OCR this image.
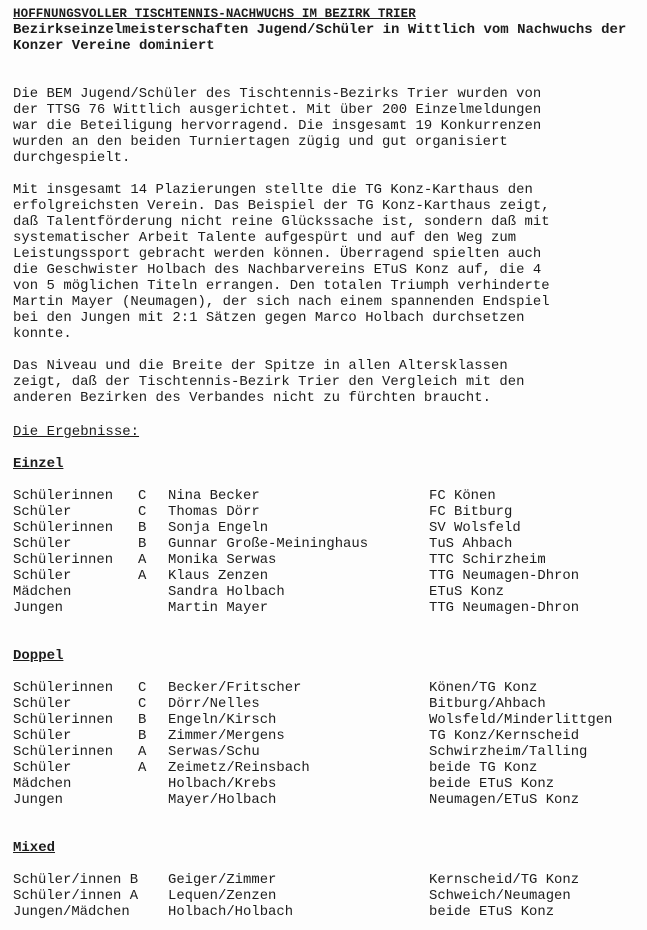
HOFFNUNGSVOLLER TISCHTENNIS-NACHWUCHS IM BEZIRK TRIER
Bezirkseinzelmeisterschaften Jugend/Schüler in Wittlich vom Nachwuchs der Konzer Vereine dominiert

Die BEM Jugend/Schüler des Tischtennis-Bezirks Trier wurden von
der TTSG 76 Wittlich ausgerichtet. Mit über 200 Einzelmeldungen
war die Beteiligung hervorragend. Die insgesamt 19 Konkurrenzen
wurden an den beiden Turniertagen zügig und gut organisiert
durchgespielt.

Mit insgesamt 14 Plazierungen stellte die TG Konz-Karthaus den
erfolgreichsten Verein. Das Beispiel der TG Konz-Karthaus zeigt,
daß Talentförderung nicht reine Glückssache ist, sondern daß mit
systematischer Arbeit Talente aufgespürt und auf den Weg zum
Leistungssport gebracht werden können. Überragend spielten auch
die Geschwister Holbach des Nachbarvereins ETuS Konz auf, die 4
von 5 möglichen Titeln errangen. Den totalen Triumph verhinderte
Martin Mayer (Neumagen), der sich nach einem spannenden Endspiel
bei den Jungen mit 2:1 Sätzen gegen Marco Holbach durchsetzen
konnte.

Das Niveau und die Breite der Spitze in allen Altersklassen
zeigt, daß der Tischtennis-Bezirk Trier den Vergleich mit den
anderen Bezirken des Verbandes nicht zu fürchten braucht.

Die Ergebnisse:
Einzel
Schülerinnen C Nina Becker	FC Könen
Schüler	C Thomas Dörr	FC Bitburg
Schülerinnen B Sonja Engeln	SV Wolsfeld
Schüler	B Gunnar Große-Meininghaus	TuS Ahbach
Schülerinnen A Monika Serwas	TTC Schirzheim
Schüler	A Klaus Zenzen	TTG Neumagen-Dhron
Mädchen	Sandra Holbach	ETuS Konz
Jungen	Martin Mayer	TTG Neumagen-Dhron
Doppel
Schülerinnen C Becker/Fritscher	Könen/TG Konz
Schüler	C Dörr/Nelles	Bitburg/Ahbach
Schülerinnen B Engeln/Kirsch	Wolsfeld/Minderlittgen
Schüler	B Zimmer/Mergens	TG Konz/Kernscheid
Schülerinnen A Serwas/Schu	Schwirzheim/Talling
Schüler	A Zeimetz/Reinsbach	beide TG Konz
Mädchen	Holbach/Krebs	beide ETuS Konz
Jungen	Mayer/Holbach	Neumagen/ETuS Konz
Mixed
Schüler/innen B Geiger/Zimmer	Kernscheid/TG Konz
Schüler/innen A Lequen/Zenzen	Schweich/Neumagen
Jungen/Mädchen	Holbach/Holbach	beide ETuS Konz
